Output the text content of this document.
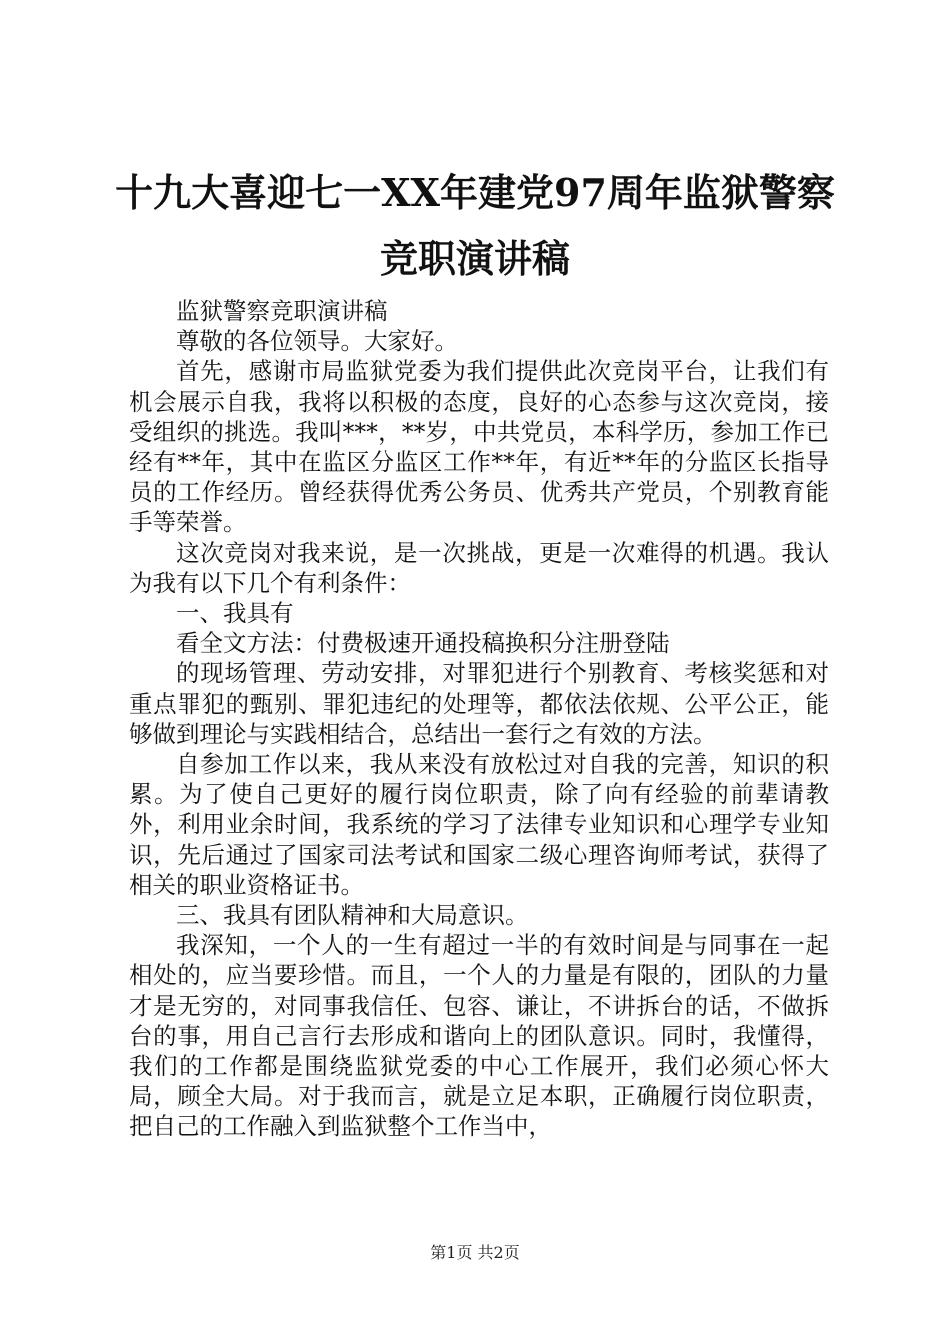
十九大喜迎七一XX年建党97周年监狱警察竞职演讲稿

监狱警察竞职演讲稿

尊敬的各位领导。大家好。

首先，感谢市局监狱党委为我们提供此次竞岗平台，让我们有机会展示自我，我将以积极的态度，良好的心态参与这次竞岗，接受组织的挑选。我叫***，**岁，中共党员，本科学历，参加工作已经有**年，其中在监区分监区工作**年，有近**年的分监区长指导员的工作经历。曾经获得优秀公务员、优秀共产党员，个别教育能手等荣誉。

这次竞岗对我来说，是一次挑战，更是一次难得的机遇。我认为我有以下几个有利条件：

一、我具有

看全文方法：付费极速开通投稿换积分注册登陆

的现场管理、劳动安排，对罪犯进行个别教育、考核奖惩和对重点罪犯的甄别、罪犯违纪的处理等，都依法依规、公平公正，能够做到理论与实践相结合，总结出一套行之有效的方法。

自参加工作以来，我从来没有放松过对自我的完善，知识的积累。为了使自己更好的履行岗位职责，除了向有经验的前辈请教外，利用业余时间，我系统的学习了法律专业知识和心理学专业知识，先后通过了国家司法考试和国家二级心理咨询师考试，获得了相关的职业资格证书。

三、我具有团队精神和大局意识。

我深知，一个人的一生有超过一半的有效时间是与同事在一起相处的，应当要珍惜。而且，一个人的力量是有限的，团队的力量才是无穷的，对同事我信任、包容、谦让，不讲拆台的话，不做拆台的事，用自己言行去形成和谐向上的团队意识。同时，我懂得，我们的工作都是围绕监狱党委的中心工作展开，我们必须心怀大局，顾全大局。对于我而言，就是立足本职，正确履行岗位职责，把自己的工作融入到监狱整个工作当中，

第1页 共2页
